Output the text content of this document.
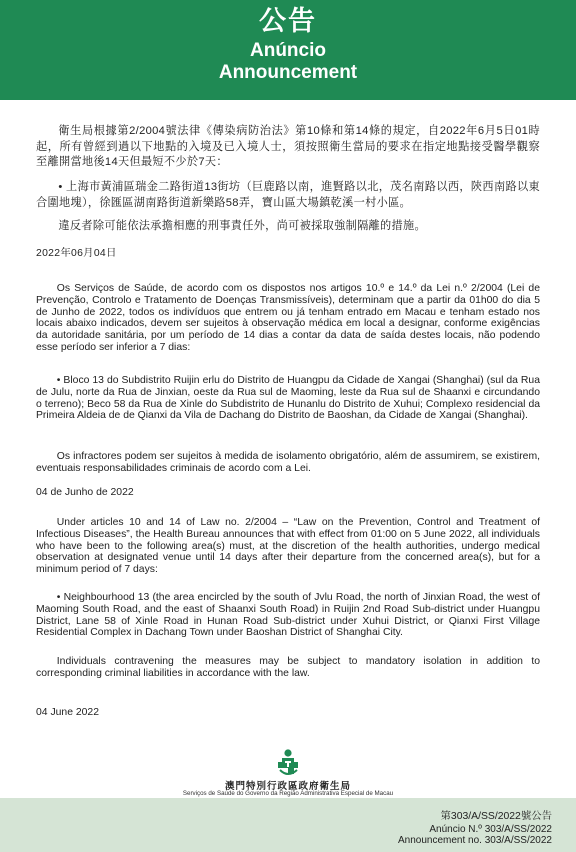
公告
Anúncio
Announcement

衛生局根據第2/2004號法律《傳染病防治法》第10條和第14條的規定，自2022年6月5日01時起，所有曾經到過以下地點的入境及已入境人士，須按照衛生當局的要求在指定地點接受醫學觀察至離開當地後14天但最短不少於7天：

• 上海市黃浦區瑞金二路街道13街坊（巨鹿路以南，進賢路以北，茂名南路以西，陝西南路以東合圍地塊），徐匯區湖南路街道新樂路58弄，寶山區大場鎮乾溪一村小區。

違反者除可能依法承擔相應的刑事責任外，尚可被採取強制隔離的措施。

2022年06月04日

Os Serviços de Saúde, de acordo com os dispostos nos artigos 10.º e 14.º da Lei n.º 2/2004 (Lei de Prevenção, Controlo e Tratamento de Doenças Transmissíveis), determinam que a partir da 01h00 do dia 5 de Junho de 2022, todos os indivíduos que entrem ou já tenham entrado em Macau e tenham estado nos locais abaixo indicados, devem ser sujeitos à observação médica em local a designar, conforme exigências da autoridade sanitária, por um período de 14 dias a contar da data de saída destes locais, não podendo esse período ser inferior a 7 dias:

• Bloco 13 do Subdistrito Ruijin erlu do Distrito de Huangpu da Cidade de Xangai (Shanghai) (sul da Rua de Julu, norte da Rua de Jinxian, oeste da Rua sul de Maoming, leste da Rua sul de Shaanxi e circundando o terreno); Beco 58 da Rua de Xinle do Subdistrito de Hunanlu do Distrito de Xuhui; Complexo residencial da Primeira Aldeia de de Qianxi da Vila de Dachang do Distrito de Baoshan, da Cidade de Xangai (Shanghai).

Os infractores podem ser sujeitos à medida de isolamento obrigatório, além de assumirem, se existirem, eventuais responsabilidades criminais de acordo com a Lei.

04 de Junho de 2022

Under articles 10 and 14 of Law no. 2/2004 – “Law on the Prevention, Control and Treatment of Infectious Diseases”, the Health Bureau announces that with effect from 01:00 on 5 June 2022, all individuals who have been to the following area(s) must, at the discretion of the health authorities, undergo medical observation at designated venue until 14 days after their departure from the concerned area(s), but for a minimum period of 7 days:

• Neighbourhood 13 (the area encircled by the south of Jvlu Road, the north of Jinxian Road, the west of Maoming South Road, and the east of Shaanxi South Road) in Ruijin 2nd Road Sub-district under Huangpu District, Lane 58 of Xinle Road in Hunan Road Sub-district under Xuhui District, or Qianxi First Village Residential Complex in Dachang Town under Baoshan District of Shanghai City.

Individuals contravening the measures may be subject to mandatory isolation in addition to corresponding criminal liabilities in accordance with the law.

04 June 2022

澳門特別行政區政府衛生局
Serviços de Saúde do Governo da Região Administrativa Especial de Macau
第303/A/SS/2022號公告
Anúncio N.º 303/A/SS/2022
Announcement no. 303/A/SS/2022
